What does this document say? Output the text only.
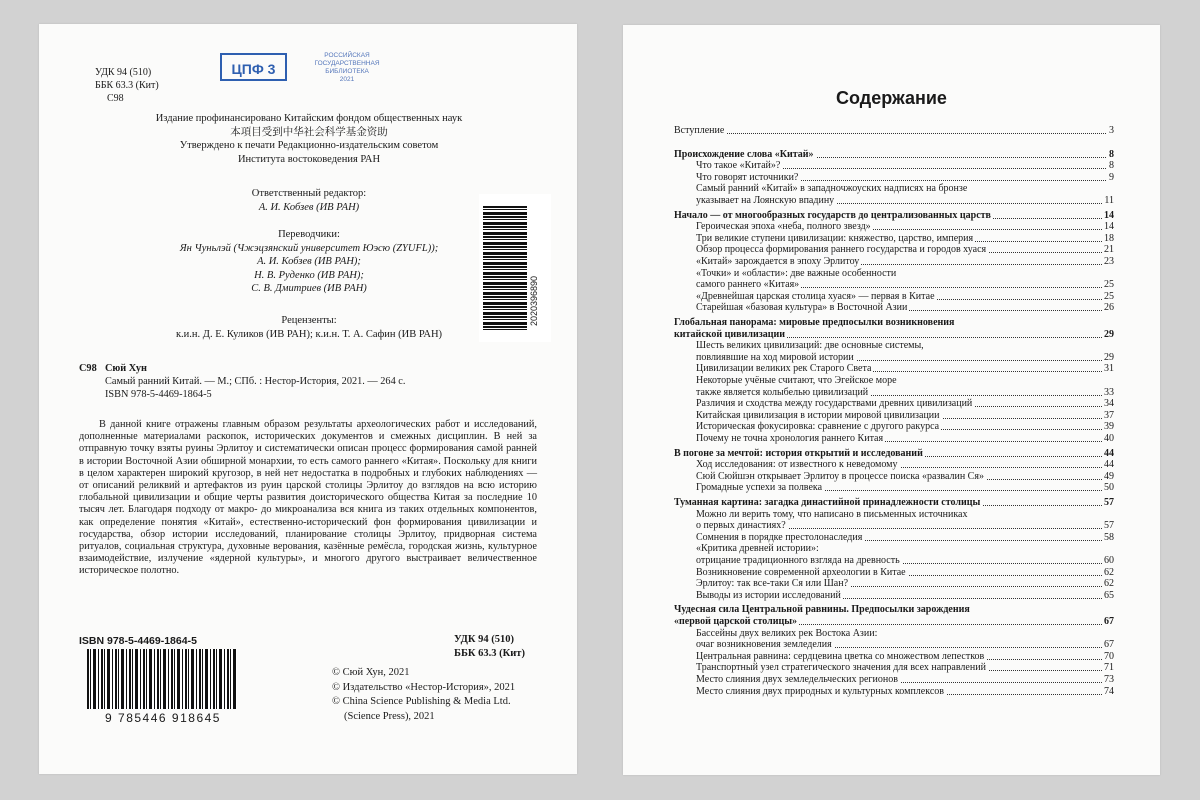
УДК 94 (510)
ББК 63.3 (Кит)
С98
ЦПФ 3
РОССИЙСКАЯ
ГОСУДАРСТВЕННАЯ
БИБЛИОТЕКА
2021
Издание профинансировано Китайским фондом общественных наук
本項目受到中华社会科学基金资助
Утверждено к печати Редакционно-издательским советом
Института востоковедения РАН
Ответственный редактор:
А. И. Кобзев (ИВ РАН)
Переводчики:
Ян Чуньлэй (Чжэцзянский университет Юэсю (ZYUFL));
А. И. Кобзев (ИВ РАН);
Н. В. Руденко (ИВ РАН);
С. В. Дмитриев (ИВ РАН)
Рецензенты:
к.и.н. Д. Е. Куликов (ИВ РАН); к.и.н. Т. А. Сафин (ИВ РАН)
2020396890
С98 Сюй Хун
Самый ранний Китай. — М.; СПб. : Нестор-История, 2021. — 264 с.
ISBN 978-5-4469-1864-5
В данной книге отражены главным образом результаты археологических работ и исследований, дополненные материалами раскопок, исторических документов и смежных дисциплин. В ней за отправную точку взяты руины Эрлитоу и систематически описан процесс формирования самой ранней в истории Восточной Азии обширной монархии, то есть самого раннего «Китая». Поскольку для книги в целом характерен широкий кругозор, в ней нет недостатка в подробных и глубоких наблюдениях — от описаний реликвий и артефактов из руин царской столицы Эрлитоу до взглядов на всю историю глобальной цивилизации и общие черты развития доисторического общества Китая за последние 10 тысяч лет. Благодаря подходу от макро- до микроанализа вся книга из таких отдельных компонентов, как определение понятия «Китай», естественно-исторический фон формирования цивилизации и государства, обзор истории исследований, планирование столицы Эрлитоу, придворная система ритуалов, социальная структура, духовные верования, казённые ремёсла, городская жизнь, культурное взаимодействие, излучение «ядерной культуры», и многого другого выстраивает величественное историческое полотно.
ISBN 978-5-4469-1864-5	УДК 94 (510)
ББК 63.3 (Кит)
9 785446 918645
© Сюй Хун, 2021
© Издательство «Нестор-История», 2021
© China Science Publishing & Media Ltd.
(Science Press), 2021
Содержание
Вступление	3
Происхождение слова «Китай»	8
Что такое «Китай»?	8
Что говорят источники?	9
Самый ранний «Китай» в западночжоуских надписях на бронзе
указывает на Лоянскую впадину	11
Начало — от многообразных государств до централизованных царств	14
Героическая эпоха «неба, полного звезд»	14
Три великие ступени цивилизации: княжество, царство, империя	18
Обзор процесса формирования раннего государства и городов хуася	21
«Китай» зарождается в эпоху Эрлитоу	23
«Точки» и «области»: две важные особенности
самого раннего «Китая»	25
«Древнейшая царская столица хуася» — первая в Китае	25
Старейшая «базовая культура» в Восточной Азии	26
Глобальная панорама: мировые предпосылки возникновения
китайской цивилизации	29
Шесть великих цивилизаций: две основные системы,
повлиявшие на ход мировой истории	29
Цивилизации великих рек Старого Света	31
Некоторые учёные считают, что Эгейское море
также является колыбелью цивилизаций	33
Различия и сходства между государствами древних цивилизаций	34
Китайская цивилизация в истории мировой цивилизации	37
Историческая фокусировка: сравнение с другого ракурса	39
Почему не точна хронология раннего Китая	40
В погоне за мечтой: история открытий и исследований	44
Ход исследования: от известного к неведомому	44
Сюй Сюйшэн открывает Эрлитоу в процессе поиска «развалин Ся»	49
Громадные успехи за полвека	50
Туманная картина: загадка династийной принадлежности столицы	57
Можно ли верить тому, что написано в письменных источниках
о первых династиях?	57
Сомнения в порядке престолонаследия	58
«Критика древней истории»:
отрицание традиционного взгляда на древность	60
Возникновение современной археологии в Китае	62
Эрлитоу: так все-таки Ся или Шан?	62
Выводы из истории исследований	65
Чудесная сила Центральной равнины. Предпосылки зарождения
«первой царской столицы»	67
Бассейны двух великих рек Востока Азии:
очаг возникновения земледелия	67
Центральная равнина: сердцевина цветка со множеством лепестков	70
Транспортный узел стратегического значения для всех направлений	71
Место слияния двух земледельческих регионов	73
Место слияния двух природных и культурных комплексов	74
